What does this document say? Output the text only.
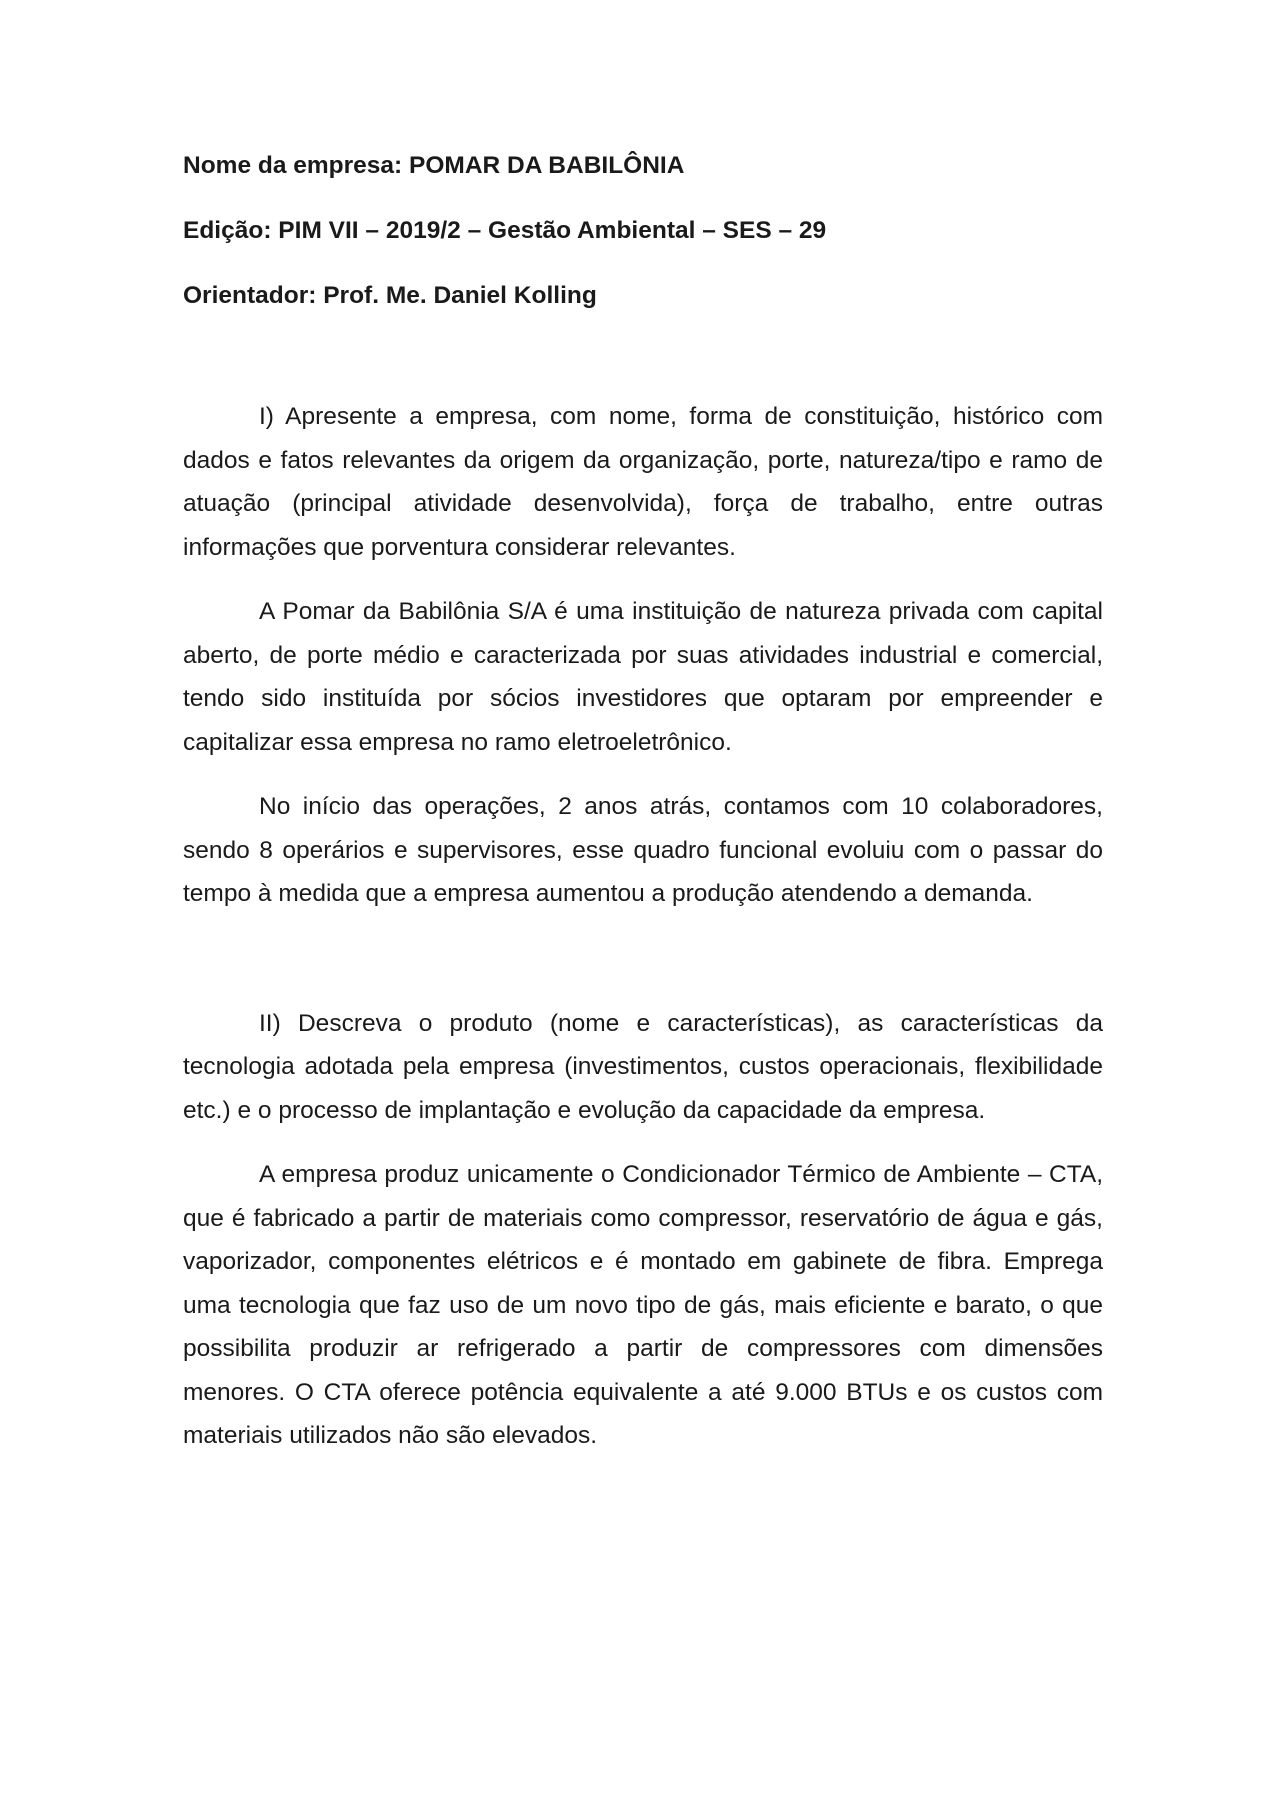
Nome da empresa: POMAR DA BABILÔNIA

Edição: PIM VII – 2019/2 – Gestão Ambiental – SES – 29

Orientador: Prof. Me. Daniel Kolling

I) Apresente a empresa, com nome, forma de constituição, histórico com dados e fatos relevantes da origem da organização, porte, natureza/tipo e ramo de atuação (principal atividade desenvolvida), força de trabalho, entre outras informações que porventura considerar relevantes.

A Pomar da Babilônia S/A é uma instituição de natureza privada com capital aberto, de porte médio e caracterizada por suas atividades industrial e comercial, tendo sido instituída por sócios investidores que optaram por empreender e capitalizar essa empresa no ramo eletroeletrônico.

No início das operações, 2 anos atrás, contamos com 10 colaboradores, sendo 8 operários e supervisores, esse quadro funcional evoluiu com o passar do tempo à medida que a empresa aumentou a produção atendendo a demanda.

II) Descreva o produto (nome e características), as características da tecnologia adotada pela empresa (investimentos, custos operacionais, flexibilidade etc.) e o processo de implantação e evolução da capacidade da empresa.

A empresa produz unicamente o Condicionador Térmico de Ambiente – CTA, que é fabricado a partir de materiais como compressor, reservatório de água e gás, vaporizador, componentes elétricos e é montado em gabinete de fibra. Emprega uma tecnologia que faz uso de um novo tipo de gás, mais eficiente e barato, o que possibilita produzir ar refrigerado a partir de compressores com dimensões menores. O CTA oferece potência equivalente a até 9.000 BTUs e os custos com materiais utilizados não são elevados.
